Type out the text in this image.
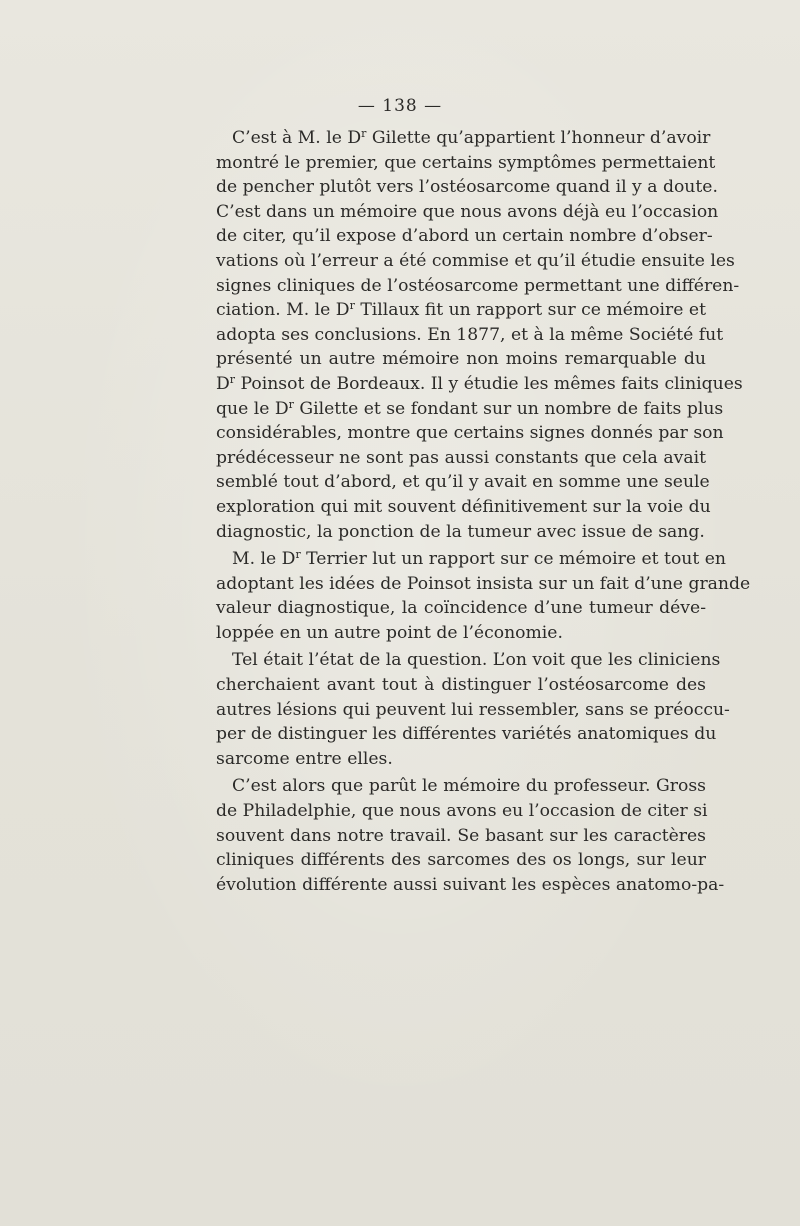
— 138 —
C’est à M. le $D^r$ Gilette qu’appartient l’honneur d’avoir
montré le premier, que certains symptômes permettaient
de pencher plutôt vers l’ostéosarcome quand il y a doute.
C’est dans un mémoire que nous avons déjà eu l’occasion
de citer, qu’il expose d’abord un certain nombre d’obser-
vations où l’erreur a été commise et qu’il étudie ensuite les
signes cliniques de l’ostéosarcome permettant une différen-
ciation. M. le $D^r$ Tillaux fit un rapport sur ce mémoire et
adopta ses conclusions. En 1877, et à la même Société fut
présenté un autre mémoire non moins remarquable du
$D^r$ Poinsot de Bordeaux. Il y étudie les mêmes faits cliniques
que le $D^r$ Gilette et se fondant sur un nombre de faits plus
considérables, montre que certains signes donnés par son
prédécesseur ne sont pas aussi constants que cela avait
semblé tout d’abord, et qu’il y avait en somme une seule
exploration qui mit souvent définitivement sur la voie du
diagnostic, la ponction de la tumeur avec issue de sang.
M. le $D^r$ Terrier lut un rapport sur ce mémoire et tout en
adoptant les idées de Poinsot insista sur un fait d’une grande
valeur diagnostique, la coïncidence d’une tumeur déve-
loppée en un autre point de l’économie.
Tel était l’état de la question. L’on voit que les cliniciens
cherchaient avant tout à distinguer l’ostéosarcome des
autres lésions qui peuvent lui ressembler, sans se préoccu-
per de distinguer les différentes variétés anatomiques du
sarcome entre elles.
C’est alors que parût le mémoire du professeur. Gross
de Philadelphie, que nous avons eu l’occasion de citer si
souvent dans notre travail. Se basant sur les caractères
cliniques différents des sarcomes des os longs, sur leur
évolution différente aussi suivant les espèces anatomo-pa-
